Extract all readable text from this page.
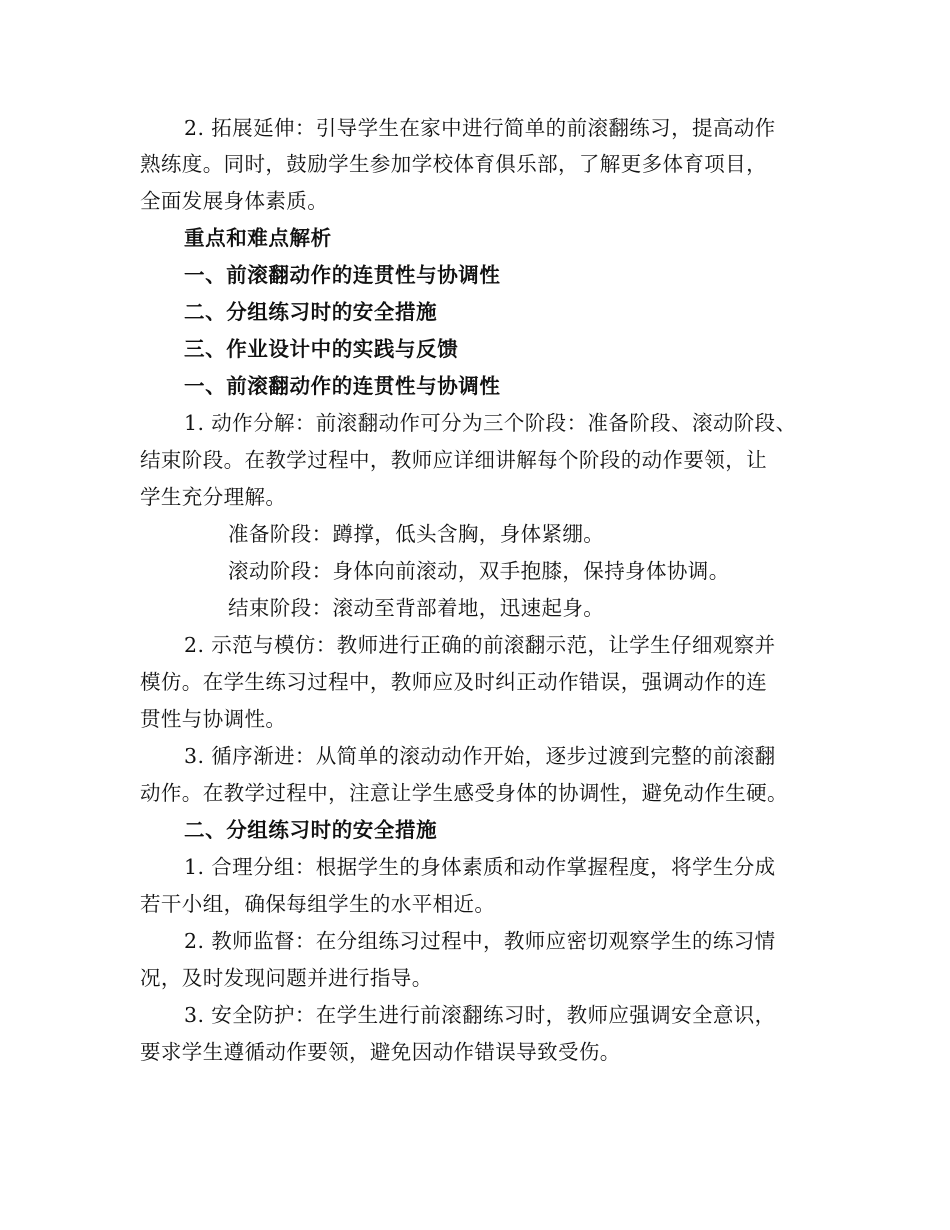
2. 拓展延伸：引导学生在家中进行简单的前滚翻练习，提高动作
熟练度。同时，鼓励学生参加学校体育俱乐部，了解更多体育项目，
全面发展身体素质。
重点和难点解析
一、前滚翻动作的连贯性与协调性
二、分组练习时的安全措施
三、作业设计中的实践与反馈
一、前滚翻动作的连贯性与协调性
1. 动作分解：前滚翻动作可分为三个阶段：准备阶段、滚动阶段、
结束阶段。在教学过程中，教师应详细讲解每个阶段的动作要领，让
学生充分理解。
准备阶段：蹲撑，低头含胸，身体紧绷。
滚动阶段：身体向前滚动，双手抱膝，保持身体协调。
结束阶段：滚动至背部着地，迅速起身。
2. 示范与模仿：教师进行正确的前滚翻示范，让学生仔细观察并
模仿。在学生练习过程中，教师应及时纠正动作错误，强调动作的连
贯性与协调性。
3. 循序渐进：从简单的滚动动作开始，逐步过渡到完整的前滚翻
动作。在教学过程中，注意让学生感受身体的协调性，避免动作生硬。
二、分组练习时的安全措施
1. 合理分组：根据学生的身体素质和动作掌握程度，将学生分成
若干小组，确保每组学生的水平相近。
2. 教师监督：在分组练习过程中，教师应密切观察学生的练习情
况，及时发现问题并进行指导。
3. 安全防护：在学生进行前滚翻练习时，教师应强调安全意识，
要求学生遵循动作要领，避免因动作错误导致受伤。
